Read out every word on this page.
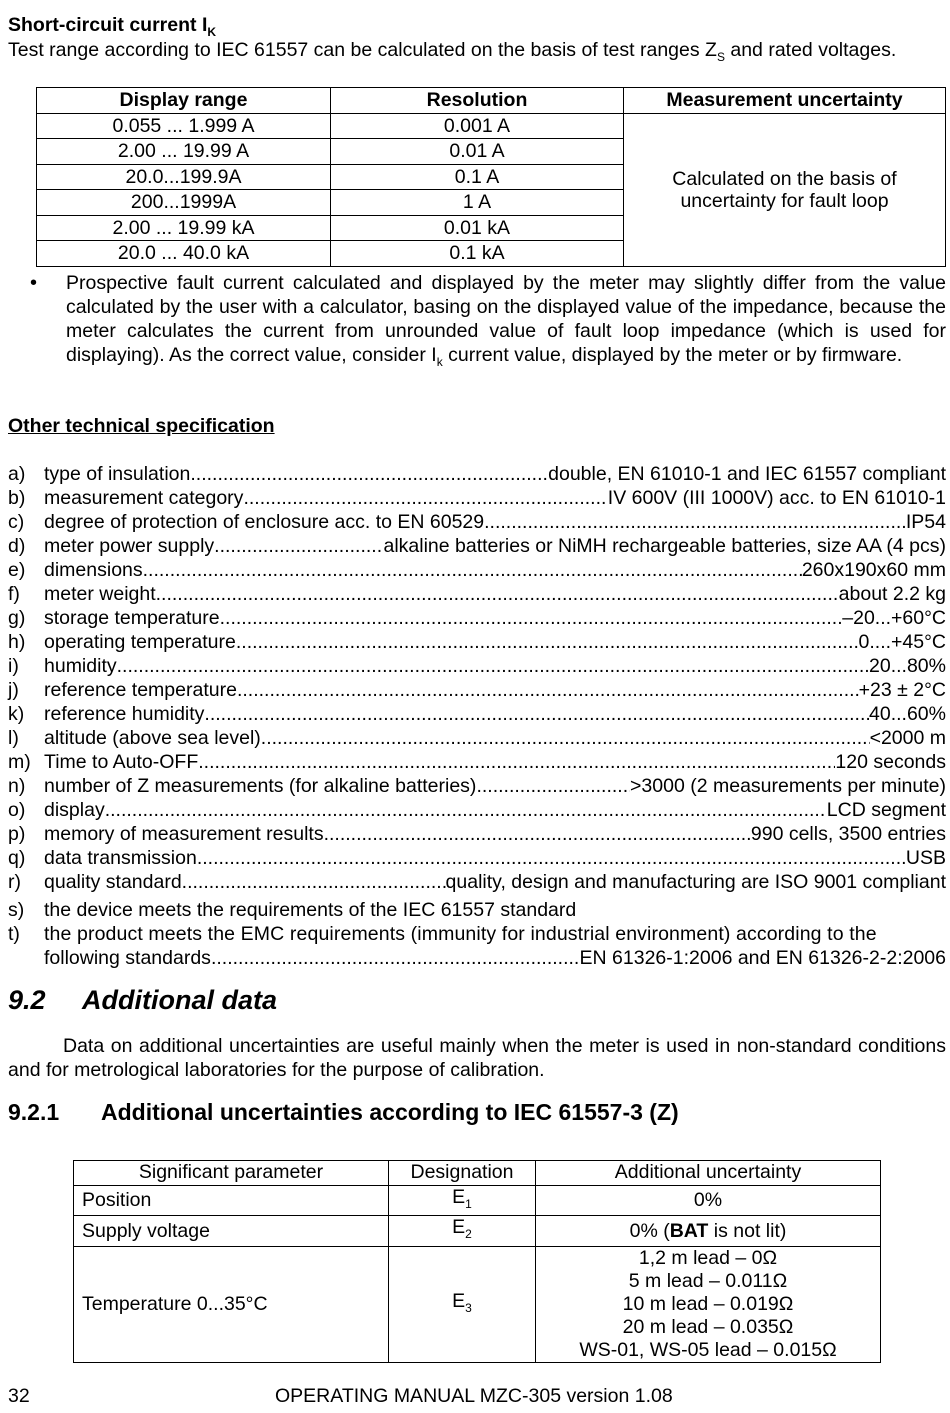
Short-circuit current $I_K$
Test range according to IEC 61557 can be calculated on the basis of test ranges $Z_S$ and rated voltages.
Display range	Resolution	Measurement uncertainty
0.055 ... 1.999 A	0.001 A	Calculated on the basis of
uncertainty for fault loop

2.00 ... 19.99 A	0.01 A	
20.0...199.9A	0.1 A	
200...1999A	1 A	
2.00 ... 19.99 kA	0.01 kA	
20.0 ... 40.0 kA	0.1 kA	
• Prospective fault current calculated and displayed by the meter may slightly differ from the value calculated by the user with a calculator, basing on the displayed value of the impedance, because the meter calculates the current from unrounded value of fault loop impedance (which is used for displaying). As the correct value, consider $I_k$ current value, displayed by the meter or by firmware.
Other technical specification
a) type of insulation .....	double, EN 61010-1 and IEC 61557 compliant
b) measurement category .....	IV 600V (III 1000V) acc. to EN 61010-1
c) degree of protection of enclosure acc. to EN 60529 .....	IP54
d) meter power supply .....	alkaline batteries or NiMH rechargeable batteries, size AA (4 pcs)
e) dimensions .....	260x190x60 mm
f) meter weight .....	about 2.2 kg
g) storage temperature .....	–20...+60°C
h) operating temperature .....	0....+45°C
i) humidity .....	20...80%
j) reference temperature .....	+23 ± 2°C
k) reference humidity .....	40...60%
l) altitude (above sea level) .....	<2000 m
m) Time to Auto-OFF .....	120 seconds
n) number of Z measurements (for alkaline batteries) .....	>3000 (2 measurements per minute)
o) display .....	LCD segment
p) memory of measurement results .....	990 cells, 3500 entries
q) data transmission .....	USB
r) quality standard .....	quality, design and manufacturing are ISO 9001 compliant
s) the device meets the requirements of the IEC 61557 standard
t) the product meets the EMC requirements (immunity for industrial environment) according to the
following standards .....	EN 61326-1:2006 and EN 61326-2-2:2006
9.2 Additional data
Data on additional uncertainties are useful mainly when the meter is used in non-standard conditions and for metrological laboratories for the purpose of calibration.
9.2.1 Additional uncertainties according to IEC 61557-3 (Z)
Significant parameter	Designation	Additional uncertainty
Position	$E_1$	0%
Supply voltage	$E_2$	0% (BAT is not lit)
Temperature 0...35°C	$E_3$	1,2 m lead – 0Ω
5 m lead – 0.011Ω
10 m lead – 0.019Ω
20 m lead – 0.035Ω
WS-01, WS-05 lead – 0.015Ω
32	OPERATING MANUAL MZC-305 version 1.08
